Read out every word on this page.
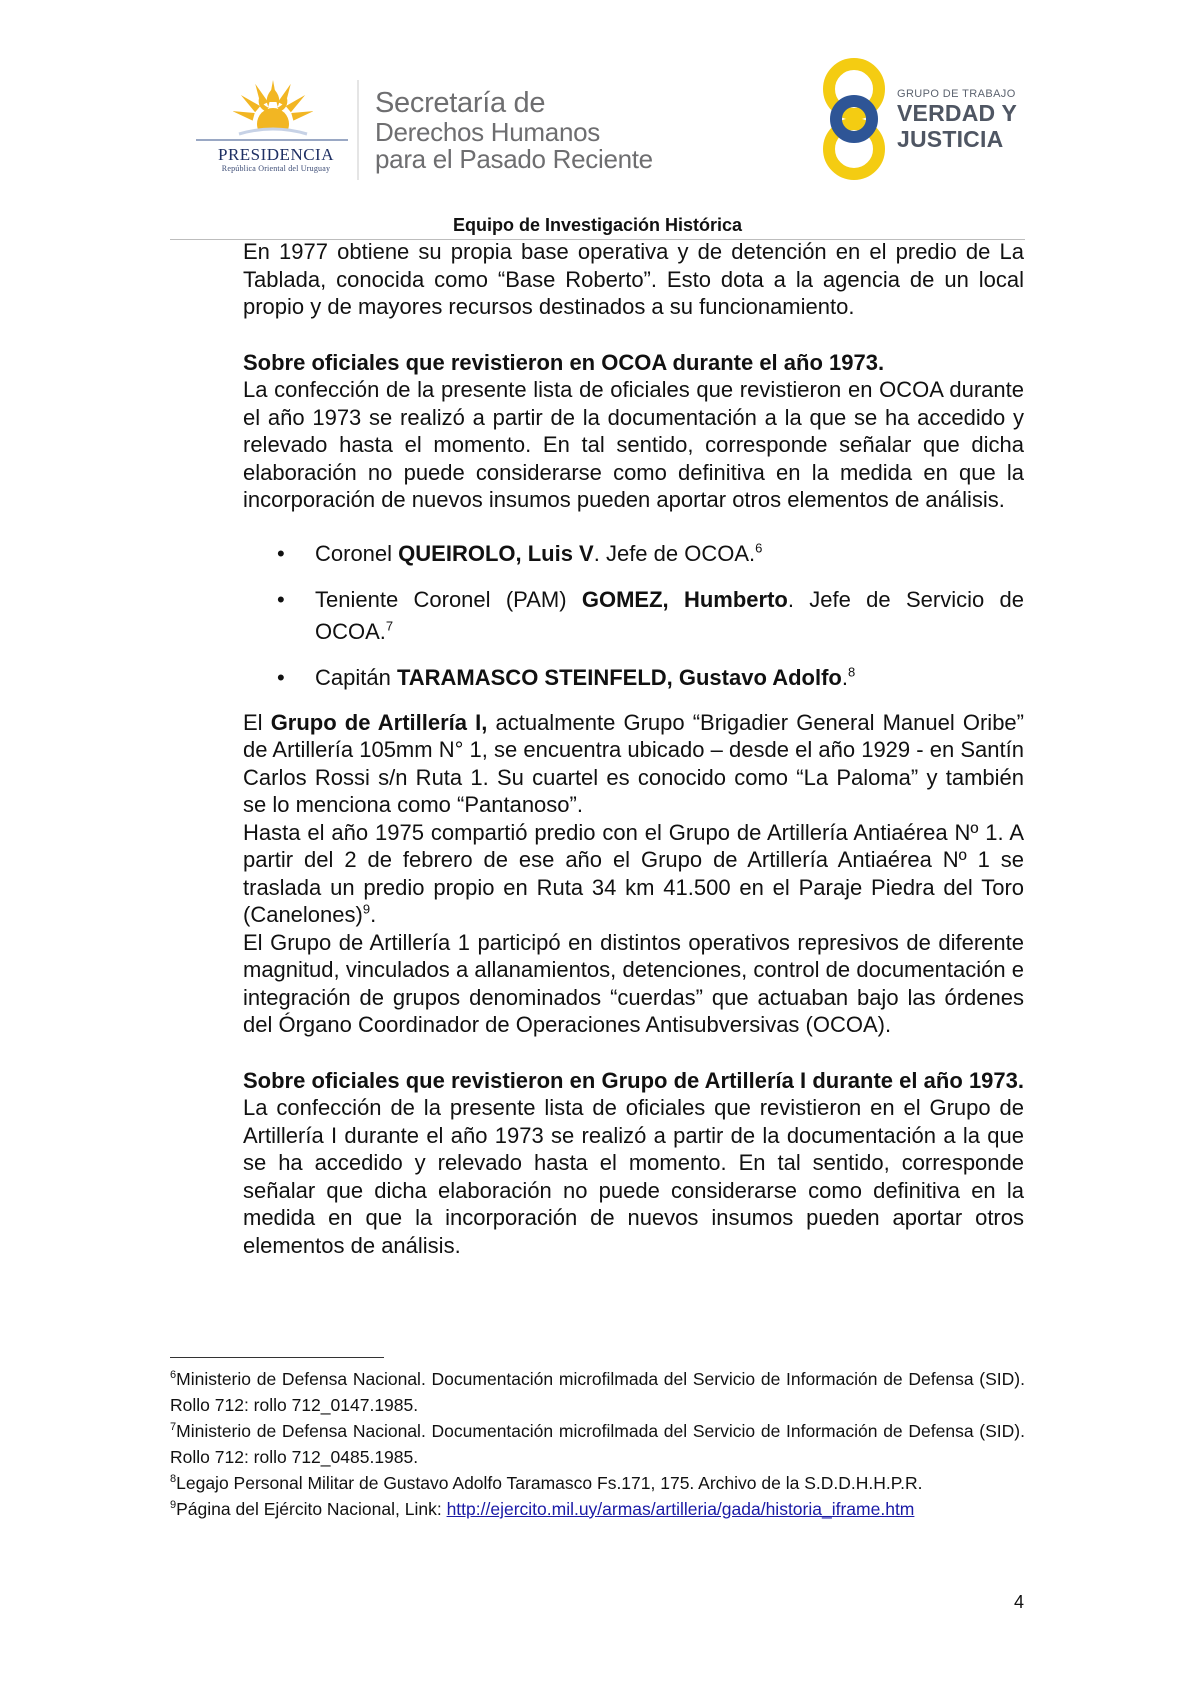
PRESIDENCIA
República Oriental del Uruguay
Secretaría de
Derechos Humanos
para el Pasado Reciente
GRUPO DE TRABAJO
VERDAD Y
JUSTICIA
Equipo de Investigación Histórica

En 1977 obtiene su propia base operativa y de detención en el predio de La Tablada, conocida como “Base Roberto”. Esto dota a la agencia de un local propio y de mayores recursos destinados a su funcionamiento.

Sobre oficiales que revistieron en OCOA durante el año 1973.

La confección de la presente lista de oficiales que revistieron en OCOA durante el año 1973 se realizó a partir de la documentación a la que se ha accedido y relevado hasta el momento. En tal sentido, corresponde señalar que dicha elaboración no puede considerarse como definitiva en la medida en que la incorporación de nuevos insumos pueden aportar otros elementos de análisis.

• Coronel QUEIROLO, Luis V. Jefe de OCOA.$^6$
• Teniente Coronel (PAM) GOMEZ, Humberto. Jefe de Servicio de OCOA.$^7$
• Capitán TARAMASCO STEINFELD, Gustavo Adolfo.$^8$

El Grupo de Artillería I, actualmente Grupo “Brigadier General Manuel Oribe” de Artillería 105mm N° 1, se encuentra ubicado – desde el año 1929 - en Santín Carlos Rossi s/n Ruta 1. Su cuartel es conocido como “La Paloma” y también se lo menciona como “Pantanoso”.

Hasta el año 1975 compartió predio con el Grupo de Artillería Antiaérea Nº 1. A partir del 2 de febrero de ese año el Grupo de Artillería Antiaérea Nº 1 se traslada un predio propio en Ruta 34 km 41.500 en el Paraje Piedra del Toro (Canelones)$^9$.

El Grupo de Artillería 1 participó en distintos operativos represivos de diferente magnitud, vinculados a allanamientos, detenciones, control de documentación e integración de grupos denominados “cuerdas” que actuaban bajo las órdenes del Órgano Coordinador de Operaciones Antisubversivas (OCOA).

Sobre oficiales que revistieron en Grupo de Artillería I durante el año 1973. La confección de la presente lista de oficiales que revistieron en el Grupo de Artillería I durante el año 1973 se realizó a partir de la documentación a la que se ha accedido y relevado hasta el momento. En tal sentido, corresponde señalar que dicha elaboración no puede considerarse como definitiva en la medida en que la incorporación de nuevos insumos pueden aportar otros elementos de análisis.

$^6$Ministerio de Defensa Nacional. Documentación microfilmada del Servicio de Información de Defensa (SID). Rollo 712: rollo 712_0147.1985.

$^7$Ministerio de Defensa Nacional. Documentación microfilmada del Servicio de Información de Defensa (SID). Rollo 712: rollo 712_0485.1985.

$^8$Legajo Personal Militar de Gustavo Adolfo Taramasco Fs.171, 175. Archivo de la S.D.D.H.H.P.R.

$^9$Página del Ejército Nacional, Link: http://ejercito.mil.uy/armas/artilleria/gada/historia_iframe.htm

4
